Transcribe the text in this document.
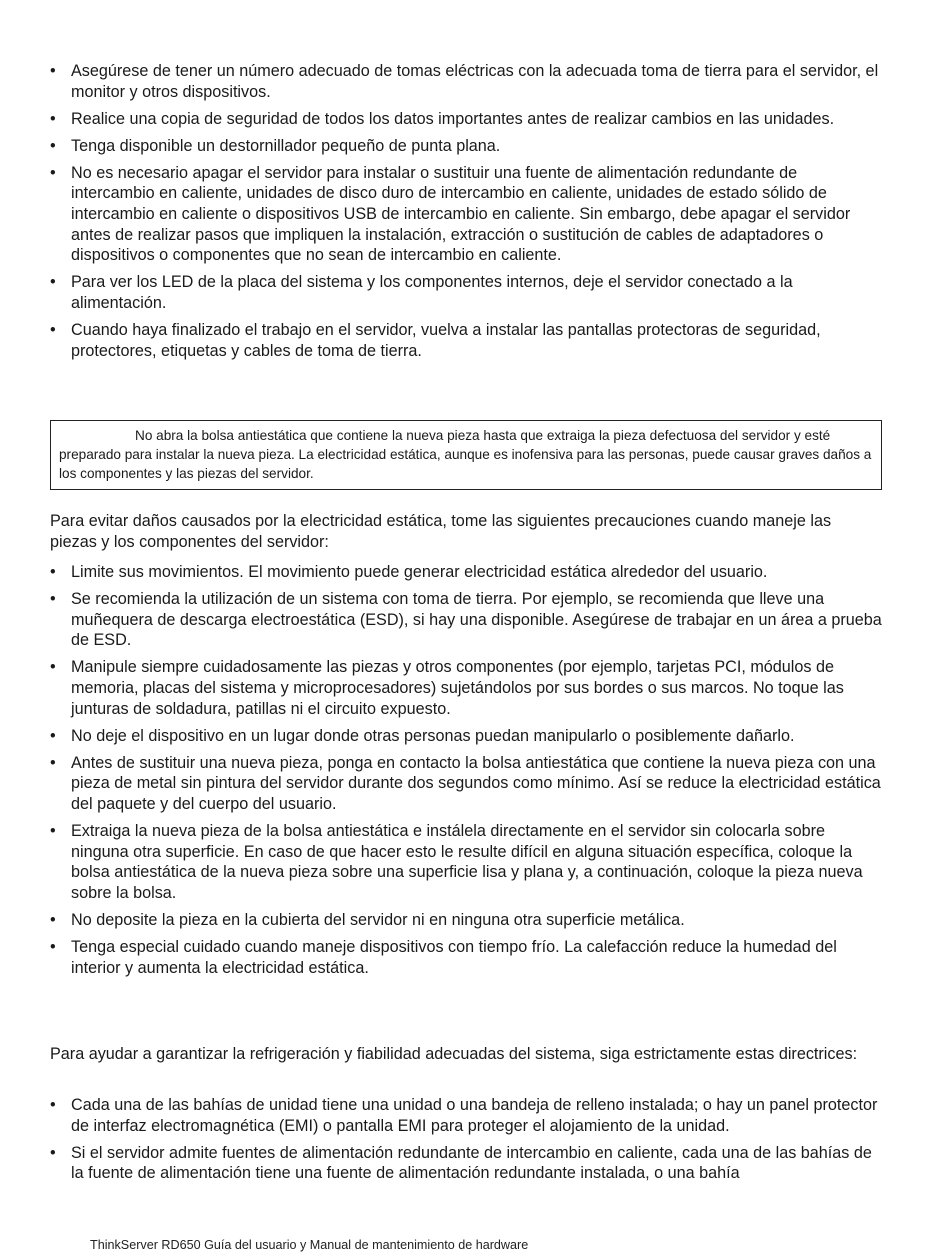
• Asegúrese de tener un número adecuado de tomas eléctricas con la adecuada toma de tierra para el servidor, el monitor y otros dispositivos.
• Realice una copia de seguridad de todos los datos importantes antes de realizar cambios en las unidades.
• Tenga disponible un destornillador pequeño de punta plana.
• No es necesario apagar el servidor para instalar o sustituir una fuente de alimentación redundante de intercambio en caliente, unidades de disco duro de intercambio en caliente, unidades de estado sólido de intercambio en caliente o dispositivos USB de intercambio en caliente. Sin embargo, debe apagar el servidor antes de realizar pasos que impliquen la instalación, extracción o sustitución de cables de adaptadores o dispositivos o componentes que no sean de intercambio en caliente.
• Para ver los LED de la placa del sistema y los componentes internos, deje el servidor conectado a la alimentación.
• Cuando haya finalizado el trabajo en el servidor, vuelva a instalar las pantallas protectoras de seguridad, protectores, etiquetas y cables de toma de tierra.
No abra la bolsa antiestática que contiene la nueva pieza hasta que extraiga la pieza defectuosa del servidor y esté preparado para instalar la nueva pieza. La electricidad estática, aunque es inofensiva para las personas, puede causar graves daños a los componentes y las piezas del servidor.

Para evitar daños causados por la electricidad estática, tome las siguientes precauciones cuando maneje las piezas y los componentes del servidor:

• Limite sus movimientos. El movimiento puede generar electricidad estática alrededor del usuario.
• Se recomienda la utilización de un sistema con toma de tierra. Por ejemplo, se recomienda que lleve una muñequera de descarga electroestática (ESD), si hay una disponible. Asegúrese de trabajar en un área a prueba de ESD.
• Manipule siempre cuidadosamente las piezas y otros componentes (por ejemplo, tarjetas PCI, módulos de memoria, placas del sistema y microprocesadores) sujetándolos por sus bordes o sus marcos. No toque las junturas de soldadura, patillas ni el circuito expuesto.
• No deje el dispositivo en un lugar donde otras personas puedan manipularlo o posiblemente dañarlo.
• Antes de sustituir una nueva pieza, ponga en contacto la bolsa antiestática que contiene la nueva pieza con una pieza de metal sin pintura del servidor durante dos segundos como mínimo. Así se reduce la electricidad estática del paquete y del cuerpo del usuario.
• Extraiga la nueva pieza de la bolsa antiestática e instálela directamente en el servidor sin colocarla sobre ninguna otra superficie. En caso de que hacer esto le resulte difícil en alguna situación específica, coloque la bolsa antiestática de la nueva pieza sobre una superficie lisa y plana y, a continuación, coloque la pieza nueva sobre la bolsa.
• No deposite la pieza en la cubierta del servidor ni en ninguna otra superficie metálica.
• Tenga especial cuidado cuando maneje dispositivos con tiempo frío. La calefacción reduce la humedad del interior y aumenta la electricidad estática.

Para ayudar a garantizar la refrigeración y fiabilidad adecuadas del sistema, siga estrictamente estas directrices:

• Cada una de las bahías de unidad tiene una unidad o una bandeja de relleno instalada; o hay un panel protector de interfaz electromagnética (EMI) o pantalla EMI para proteger el alojamiento de la unidad.
• Si el servidor admite fuentes de alimentación redundante de intercambio en caliente, cada una de las bahías de la fuente de alimentación tiene una fuente de alimentación redundante instalada, o una bahía
ThinkServer RD650 Guía del usuario y Manual de mantenimiento de hardware
